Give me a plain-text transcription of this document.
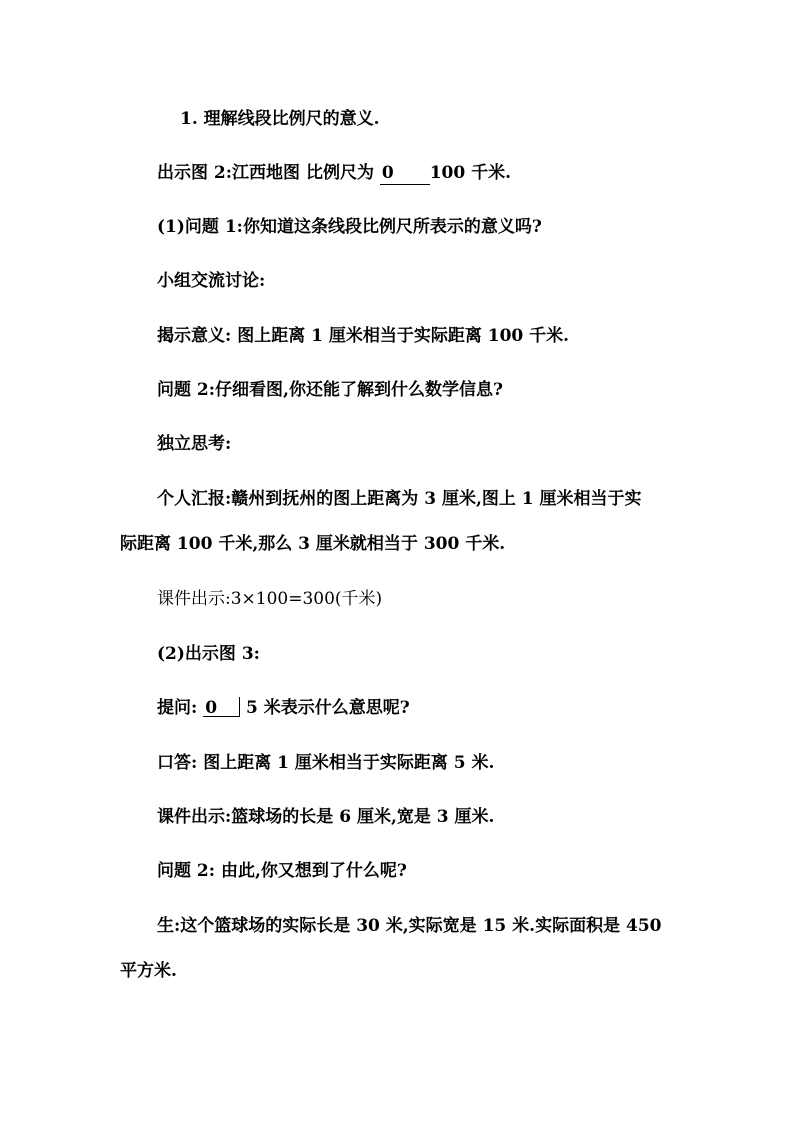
1. 理解线段比例尺的意义.
出示图 2:江西地图 比例尺为 0 100 千米.
(1)问题 1:你知道这条线段比例尺所表示的意义吗?
小组交流讨论:
揭示意义: 图上距离 1 厘米相当于实际距离 100 千米.
问题 2:仔细看图,你还能了解到什么数学信息?
独立思考:
个人汇报:赣州到抚州的图上距离为 3 厘米,图上 1 厘米相当于实
际距离 100 千米,那么 3 厘米就相当于 300 千米.
课件出示:3×100=300(千米)
(2)出示图 3:
提问: 0 5 米表示什么意思呢?
口答: 图上距离 1 厘米相当于实际距离 5 米.
课件出示:篮球场的长是 6 厘米,宽是 3 厘米.
问题 2: 由此,你又想到了什么呢?
生:这个篮球场的实际长是 30 米,实际宽是 15 米.实际面积是 450
平方米.
